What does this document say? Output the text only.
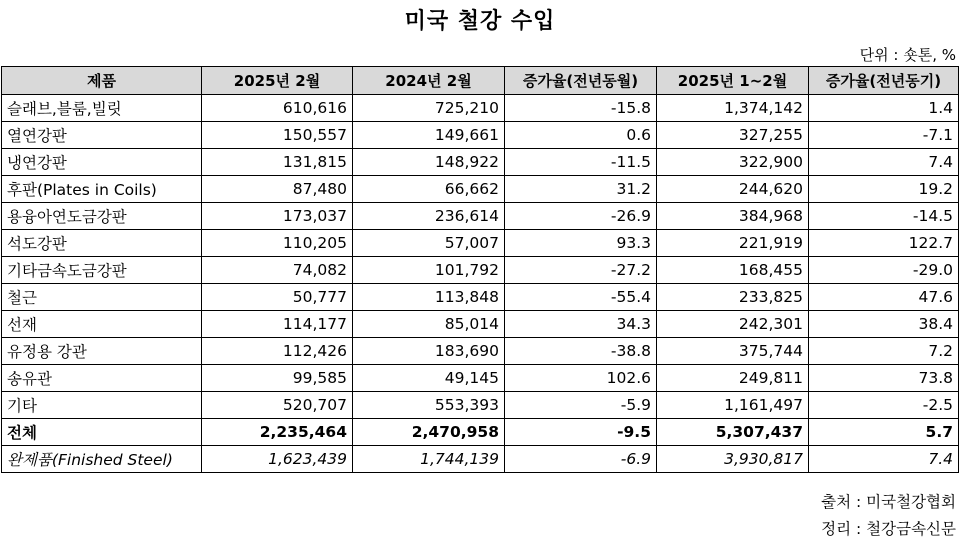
미국 철강 수입
단위 : 숏톤, %
제품	2025년 2월	2024년 2월	증가율(전년동월)	2025년 1~2월	증가율(전년동기)
슬래브,블룸,빌릿	610,616	725,210	-15.8	1,374,142	1.4
열연강판	150,557	149,661	0.6	327,255	-7.1
냉연강판	131,815	148,922	-11.5	322,900	7.4
후판(Plates in Coils)	87,480	66,662	31.2	244,620	19.2
용융아연도금강판	173,037	236,614	-26.9	384,968	-14.5
석도강판	110,205	57,007	93.3	221,919	122.7
기타금속도금강판	74,082	101,792	-27.2	168,455	-29.0
철근	50,777	113,848	-55.4	233,825	47.6
선재	114,177	85,014	34.3	242,301	38.4
유정용 강관	112,426	183,690	-38.8	375,744	7.2
송유관	99,585	49,145	102.6	249,811	73.8
기타	520,707	553,393	-5.9	1,161,497	-2.5
전체	2,235,464	2,470,958	-9.5	5,307,437	5.7
완제품(Finished Steel)	1,623,439	1,744,139	-6.9	3,930,817	7.4
출처 : 미국철강협회
정리 : 철강금속신문
